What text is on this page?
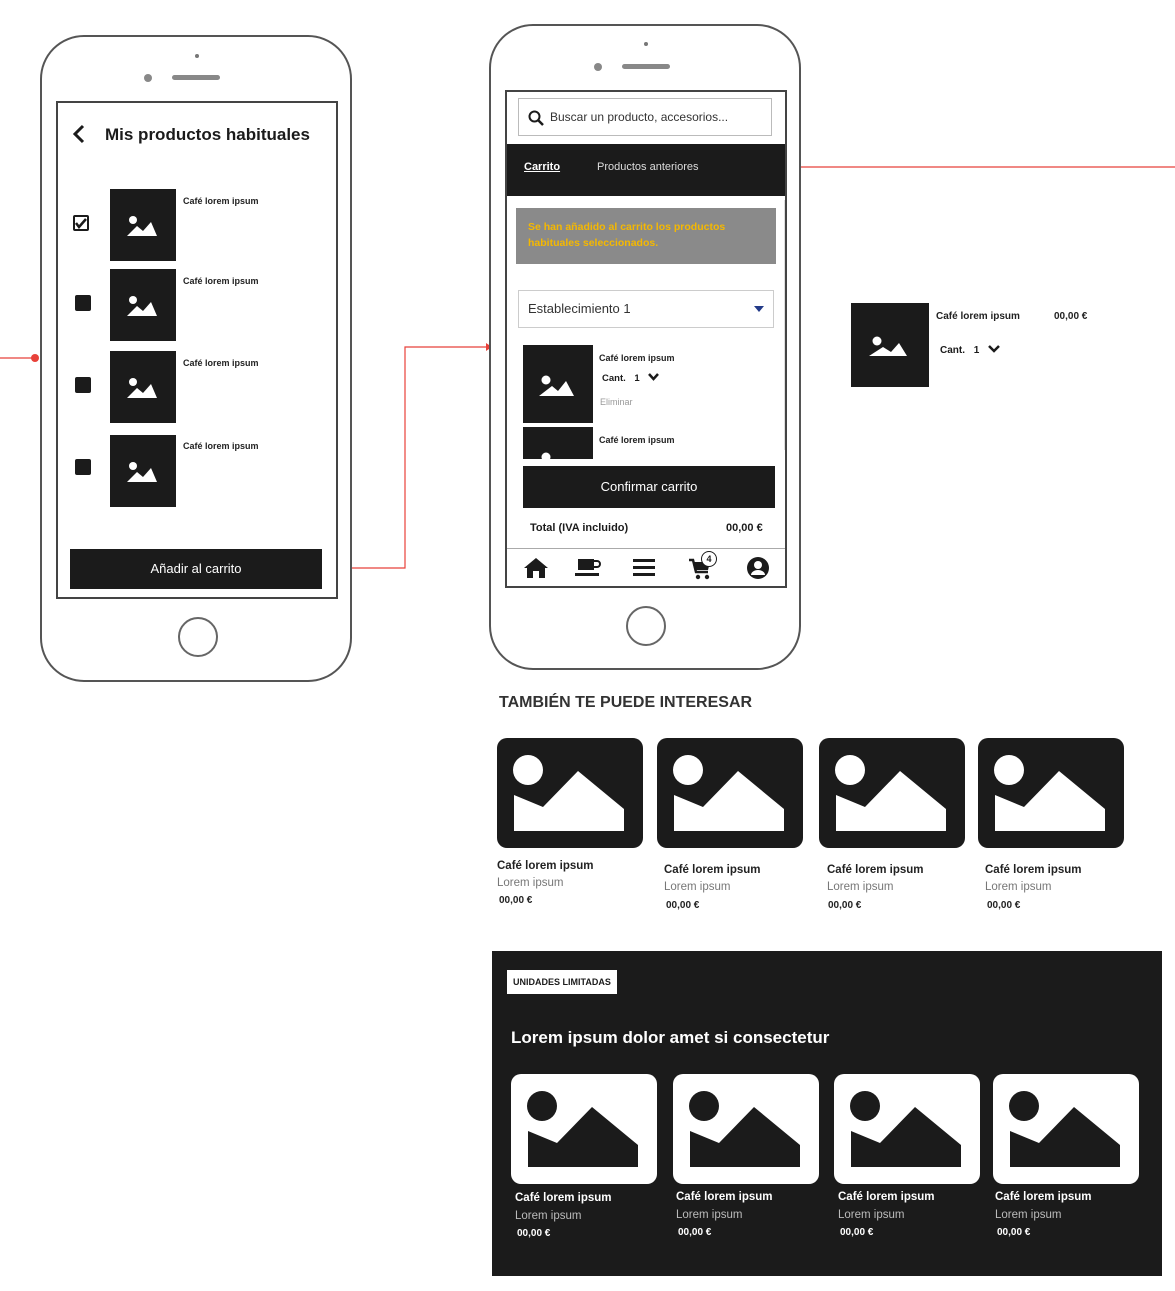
Mis productos habituales
Café lorem ipsum
Café lorem ipsum
Café lorem ipsum
Café lorem ipsum
Añadir al carrito
Buscar un producto, accesorios...
Carrito	Productos anteriores
Se han añadido al carrito los productos habituales seleccionados.
Establecimiento 1
Café lorem ipsum
Cant. 1
Eliminar
Café lorem ipsum
Confirmar carrito
Total (IVA incluido)	00,00 €
4
Café lorem ipsum	00,00 €
Cant. 1
TAMBIÉN TE PUEDE INTERESAR
Café lorem ipsum
Lorem ipsum
00,00 €
Café lorem ipsum
Lorem ipsum
00,00 €
Café lorem ipsum
Lorem ipsum
00,00 €
Café lorem ipsum
Lorem ipsum
00,00 €
UNIDADES LIMITADAS
Lorem ipsum dolor amet si consectetur
Café lorem ipsum
Lorem ipsum
00,00 €
Café lorem ipsum
Lorem ipsum
00,00 €
Café lorem ipsum
Lorem ipsum
00,00 €
Café lorem ipsum
Lorem ipsum
00,00 €
